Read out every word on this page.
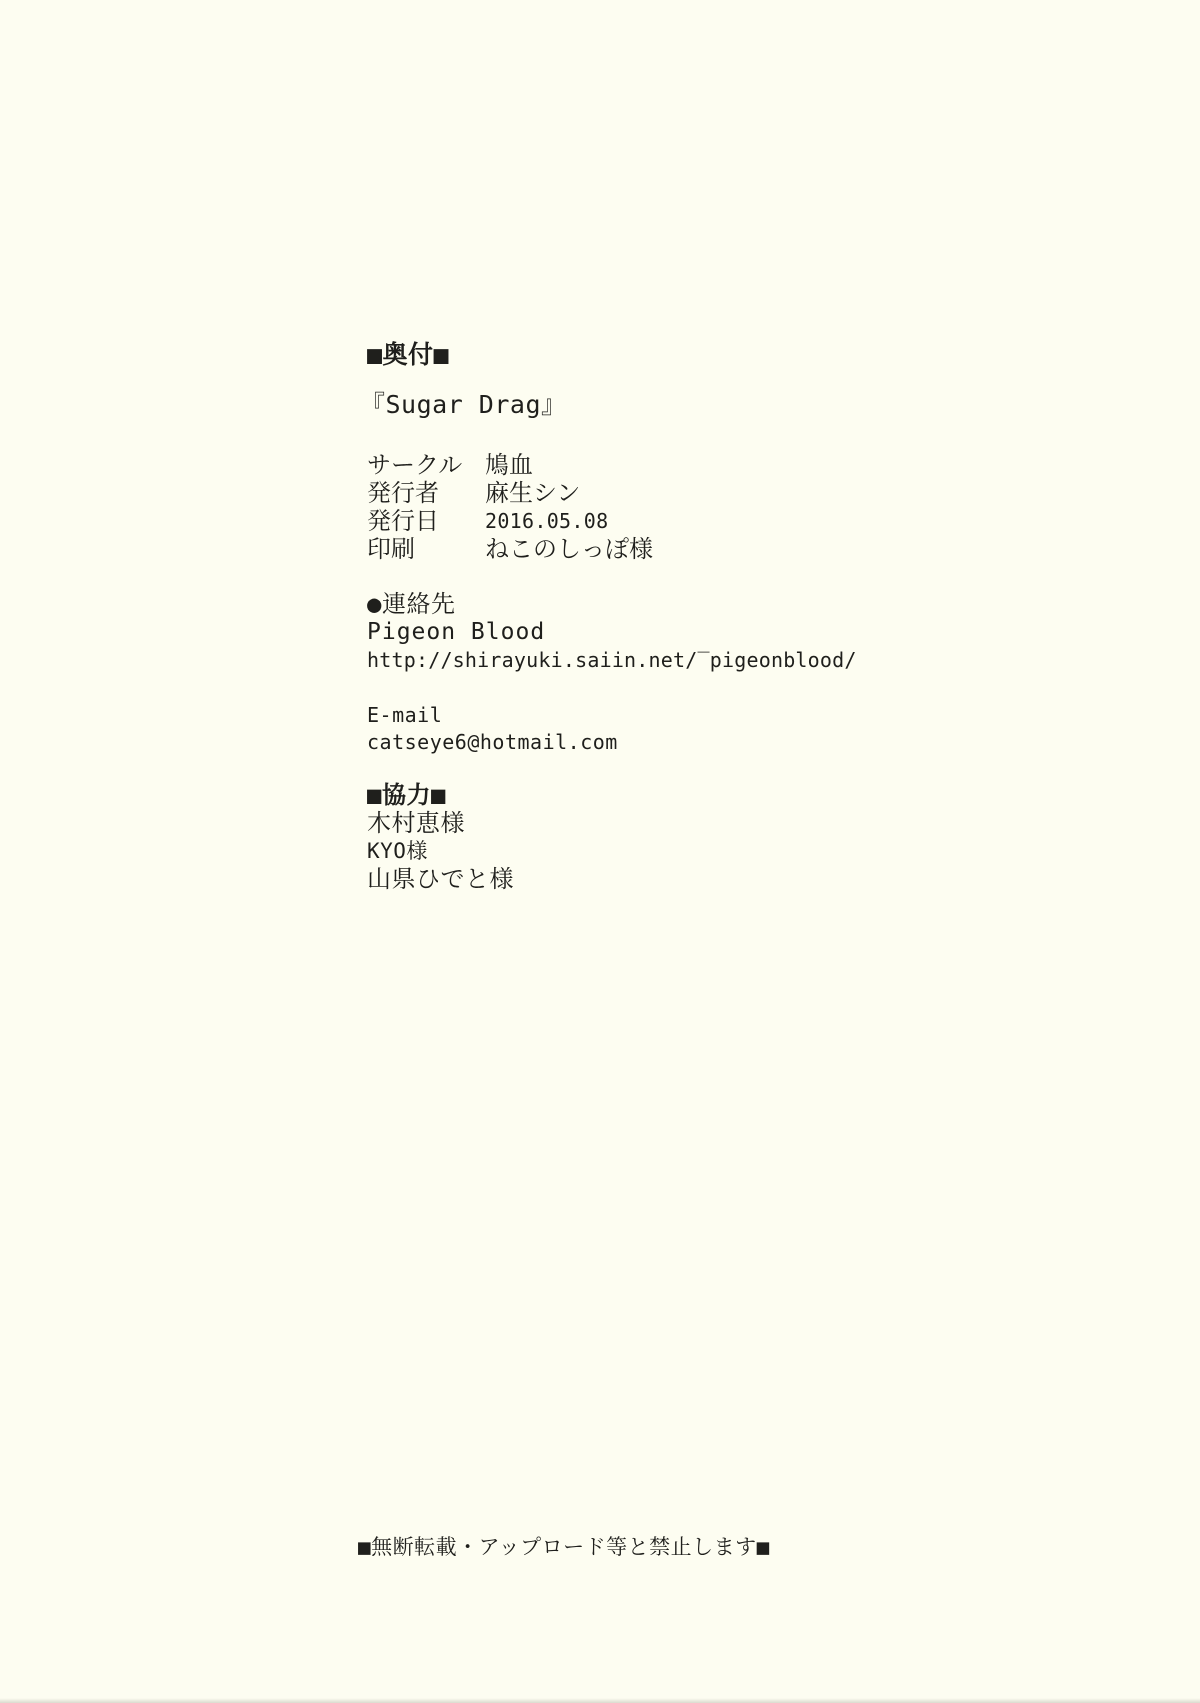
■奥付■
『Sugar Drag』
サークル 鳩血
発行者	麻生シン
発行日	2016.05.08
印刷	ねこのしっぽ様
●連絡先
Pigeon Blood
http://shirayuki.saiin.net/‾pigeonblood/
E-mail
catseye6@hotmail.com
■協力■
木村恵様
KYO様
山県ひでと様
■無断転載・アップロード等と禁止します■
